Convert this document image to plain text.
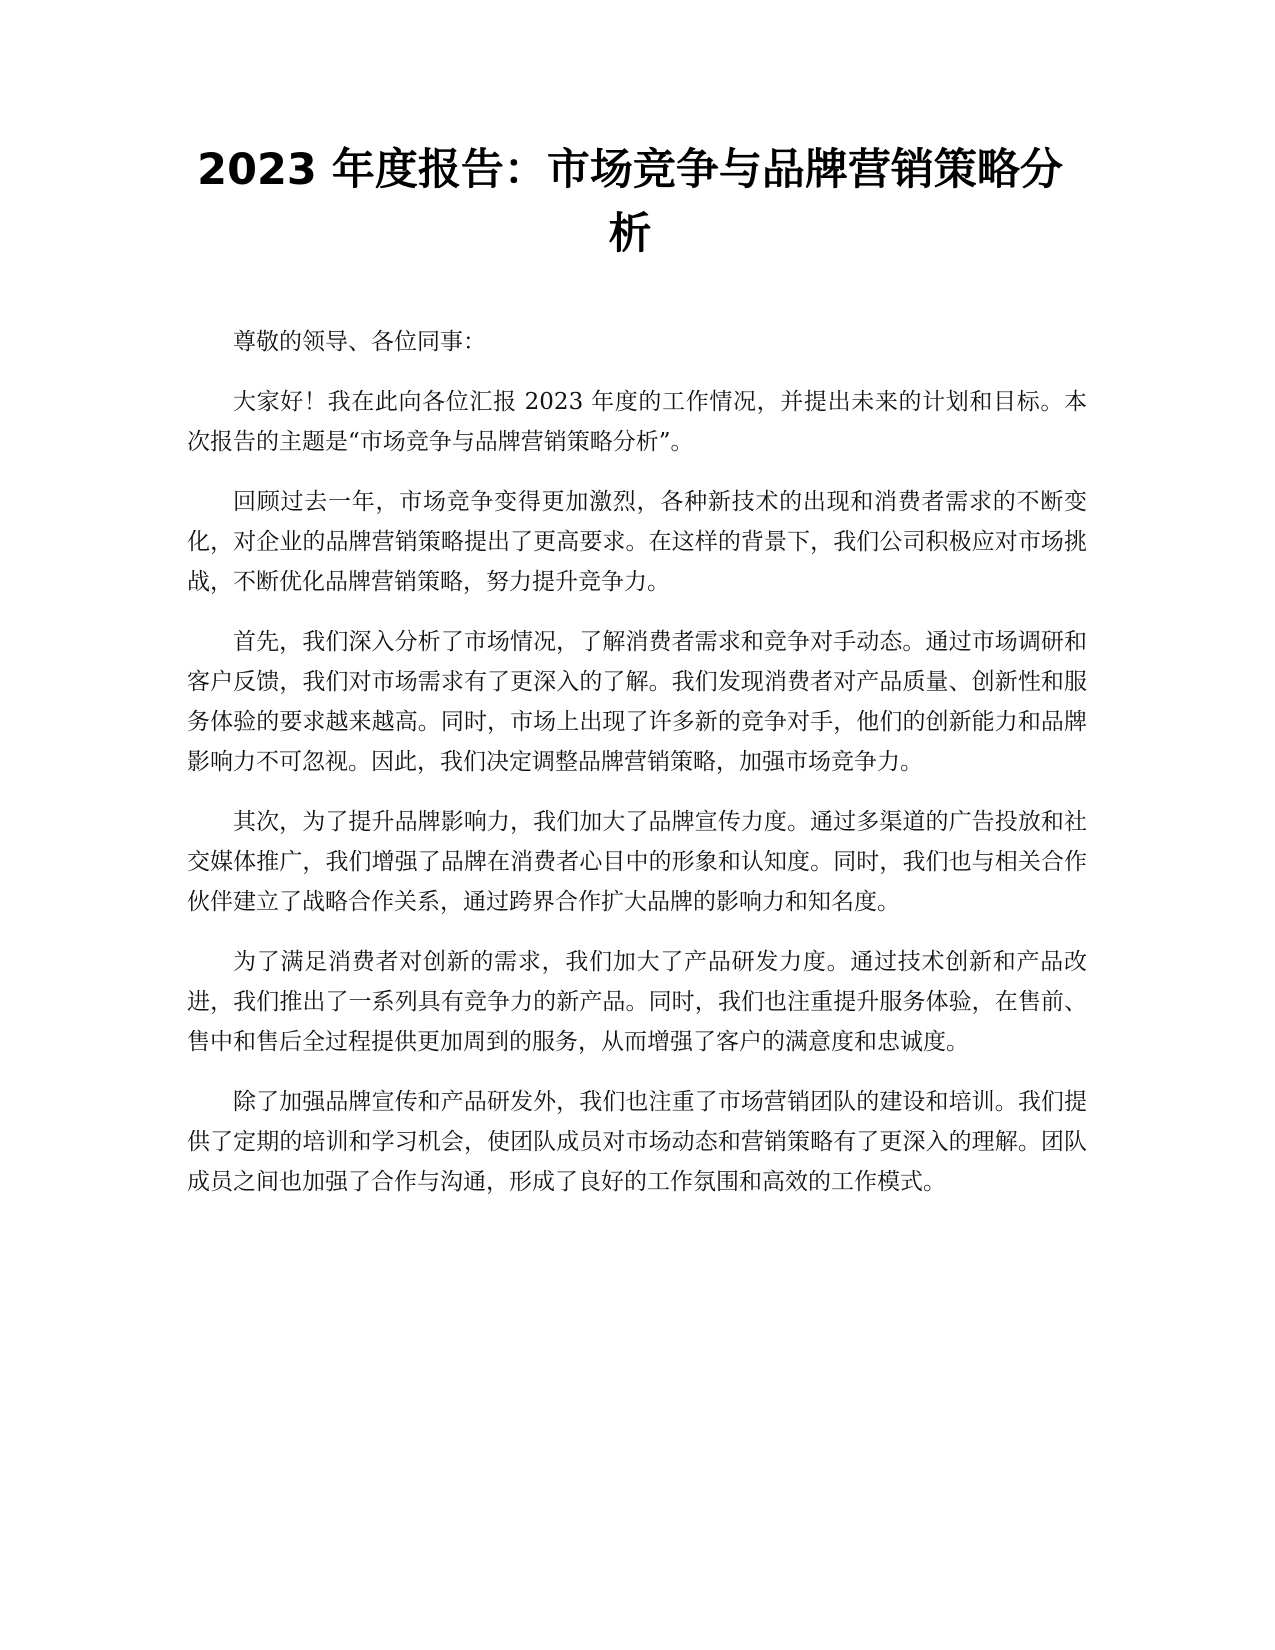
2023 年度报告：市场竞争与品牌营销策略分析

尊敬的领导、各位同事：

大家好！我在此向各位汇报 2023 年度的工作情况，并提出未来的计划和目标。本次报告的主题是“市场竞争与品牌营销策略分析”。

回顾过去一年，市场竞争变得更加激烈，各种新技术的出现和消费者需求的不断变化，对企业的品牌营销策略提出了更高要求。在这样的背景下，我们公司积极应对市场挑战，不断优化品牌营销策略，努力提升竞争力。

首先，我们深入分析了市场情况，了解消费者需求和竞争对手动态。通过市场调研和客户反馈，我们对市场需求有了更深入的了解。我们发现消费者对产品质量、创新性和服务体验的要求越来越高。同时，市场上出现了许多新的竞争对手，他们的创新能力和品牌影响力不可忽视。因此，我们决定调整品牌营销策略，加强市场竞争力。

其次，为了提升品牌影响力，我们加大了品牌宣传力度。通过多渠道的广告投放和社交媒体推广，我们增强了品牌在消费者心目中的形象和认知度。同时，我们也与相关合作伙伴建立了战略合作关系，通过跨界合作扩大品牌的影响力和知名度。

为了满足消费者对创新的需求，我们加大了产品研发力度。通过技术创新和产品改进，我们推出了一系列具有竞争力的新产品。同时，我们也注重提升服务体验，在售前、售中和售后全过程提供更加周到的服务，从而增强了客户的满意度和忠诚度。

除了加强品牌宣传和产品研发外，我们也注重了市场营销团队的建设和培训。我们提供了定期的培训和学习机会，使团队成员对市场动态和营销策略有了更深入的理解。团队成员之间也加强了合作与沟通，形成了良好的工作氛围和高效的工作模式。
